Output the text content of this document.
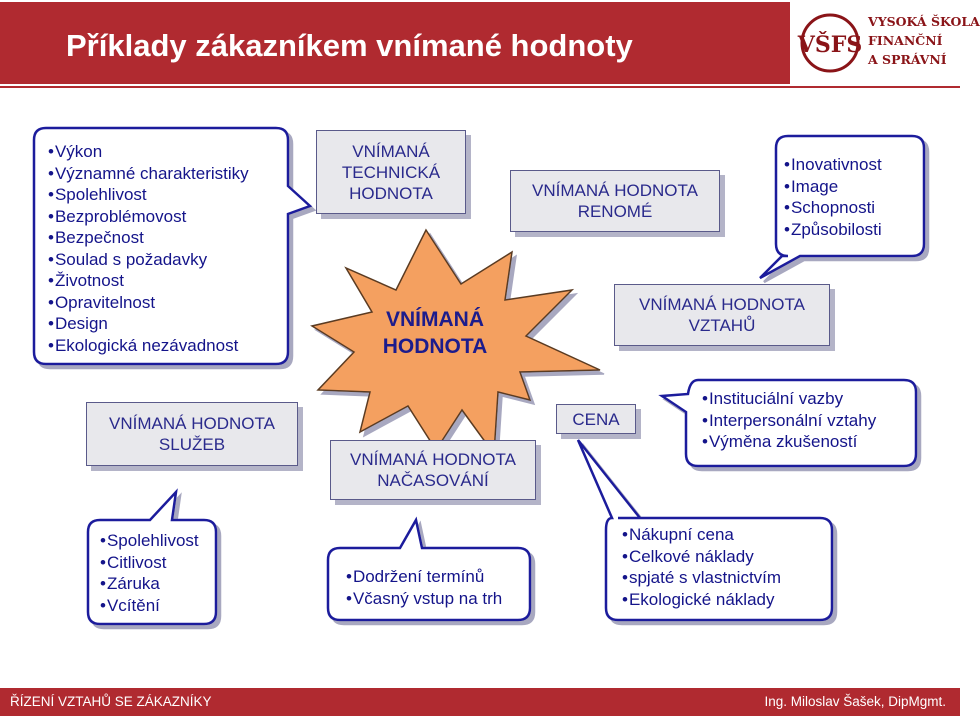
Příklady zákazníkem vnímané hodnoty	VŠFS
VYSOKÁ ŠKOLA
FINANČNÍ
A SPRÁVNÍ
VNÍMANÁ
HODNOTA
VNÍMANÁ
TECHNICKÁ
HODNOTA	VNÍMANÁ HODNOTA
RENOMÉ
VNÍMANÁ HODNOTA
VZTAHŮ
VNÍMANÁ HODNOTA
SLUŽEB
VNÍMANÁ HODNOTA
NAČASOVÁNÍ
CENA
• Výkon
• Významné charakteristiky
• Spolehlivost
• Bezproblémovost
• Bezpečnost
• Soulad s požadavky
• Životnost
• Opravitelnost
• Design
• Ekologická nezávadnost
• Inovativnost
• Image
• Schopnosti
• Způsobilosti
• Instituciální vazby
• Interpersonální vztahy
• Výměna zkušeností
• Spolehlivost
• Citlivost
• Záruka
• Vcítění
• Dodržení termínů
• Včasný vstup na trh
• Nákupní cena
• Celkové náklady
• spjaté s vlastnictvím
• Ekologické náklady
ŘÍZENÍ VZTAHŮ SE ZÁKAZNÍKY	Ing. Miloslav Šašek, DipMgmt.
